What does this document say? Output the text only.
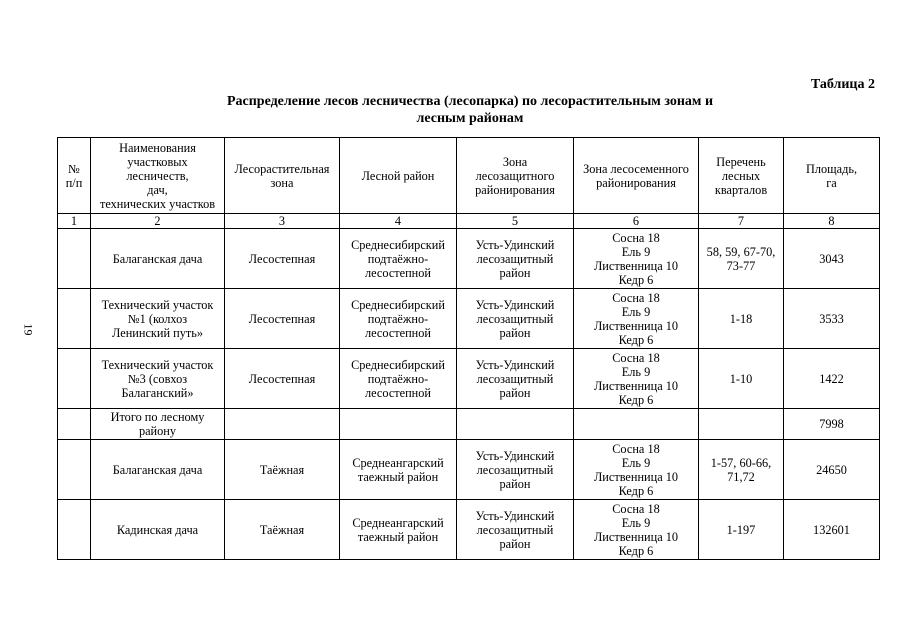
19
Таблица 2
Распределение лесов лесничества (лесопарка) по лесорастительным зонам и
лесным районам
№
п/п	Наименования
участковых
лесничеств,
дач,
технических участков	Лесорастительная
зона	Лесной район	Зона
лесозащитного
районирования	Зона лесосеменного
районирования	Перечень
лесных
кварталов	Площадь,
га
1	2	3	4	5	6	7	8
	Балаганская дача	Лесостепная	Среднесибирский
подтаёжно-
лесостепной	Усть-Удинский
лесозащитный
район	Сосна 18
Ель 9
Лиственница 10
Кедр 6	58, 59, 67-70,
73-77	3043
	Технический участок
№1 (колхоз
Ленинский путь»	Лесостепная	Среднесибирский
подтаёжно-
лесостепной	Усть-Удинский
лесозащитный
район	Сосна 18
Ель 9
Лиственница 10
Кедр 6	1-18	3533
	Технический участок
№3 (совхоз
Балаганский»	Лесостепная	Среднесибирский
подтаёжно-
лесостепной	Усть-Удинский
лесозащитный
район	Сосна 18
Ель 9
Лиственница 10
Кедр 6	1-10	1422
	Итого по лесному
району						7998
	Балаганская дача	Таёжная	Среднеангарский
таежный район	Усть-Удинский
лесозащитный
район	Сосна 18
Ель 9
Лиственница 10
Кедр 6	1-57, 60-66,
71,72	24650
	Кадинская дача	Таёжная	Среднеангарский
таежный район	Усть-Удинский
лесозащитный
район	Сосна 18
Ель 9
Лиственница 10
Кедр 6	1-197	132601
